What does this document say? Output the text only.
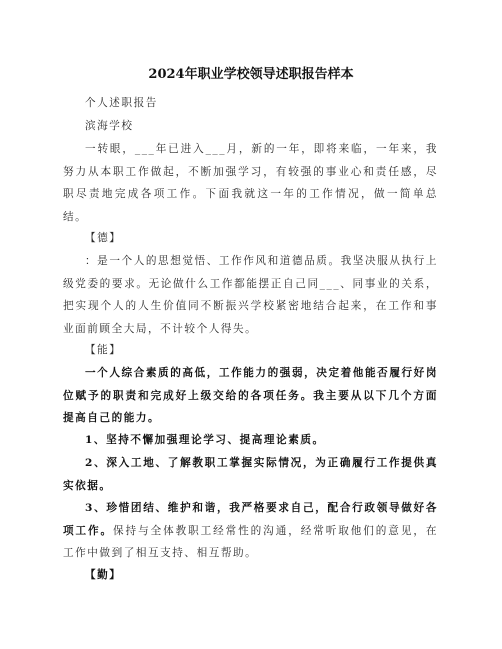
2024年职业学校领导述职报告样本

个人述职报告

滨海学校

一转眼，___年已进入___月，新的一年，即将来临，一年来，我努力从本职工作做起，不断加强学习，有较强的事业心和责任感，尽职尽责地完成各项工作。下面我就这一年的工作情况，做一简单总结。

【德】

：是一个人的思想觉悟、工作作风和道德品质。我坚决服从执行上级党委的要求。无论做什么工作都能摆正自己同___、同事业的关系，把实现个人的人生价值同不断振兴学校紧密地结合起来，在工作和事业面前顾全大局，不计较个人得失。

【能】

一个人综合素质的高低，工作能力的强弱，决定着他能否履行好岗位赋予的职责和完成好上级交给的各项任务。我主要从以下几个方面提高自己的能力。

1、坚持不懈加强理论学习、提高理论素质。

2、深入工地、了解教职工掌握实际情况，为正确履行工作提供真实依据。

3、珍惜团结、维护和谐，我严格要求自己，配合行政领导做好各项工作。保持与全体教职工经常性的沟通，经常听取他们的意见，在工作中做到了相互支持、相互帮助。

【勤】
